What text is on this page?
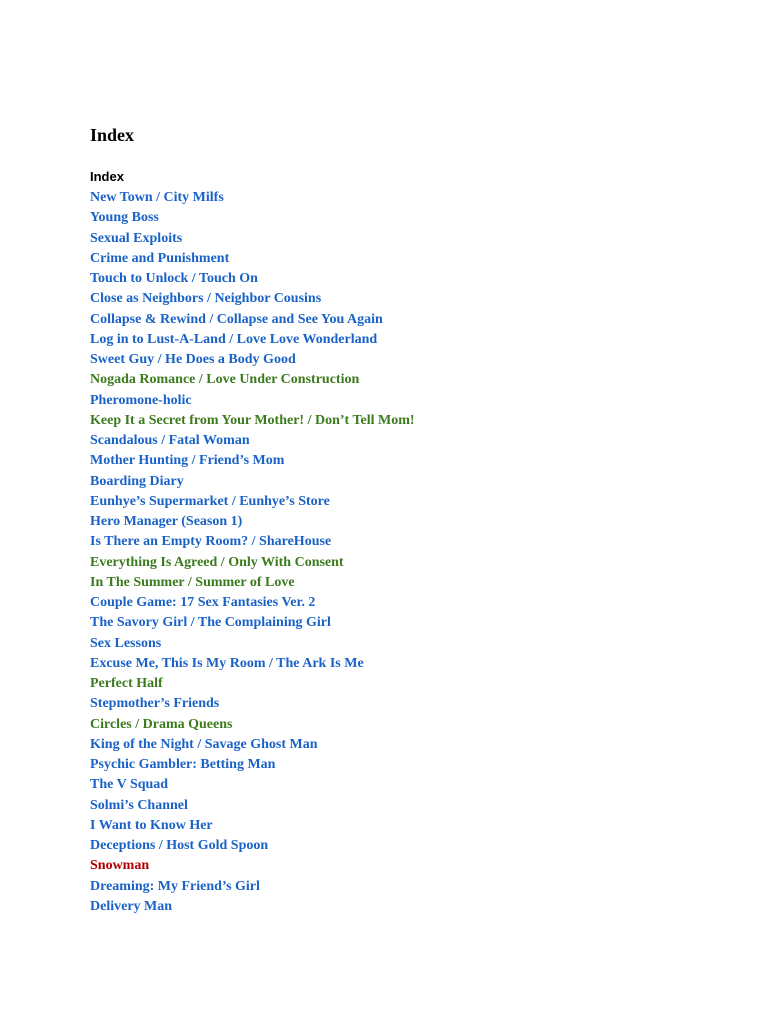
Index
Index
New Town / City Milfs
Young Boss
Sexual Exploits
Crime and Punishment
Touch to Unlock / Touch On
Close as Neighbors / Neighbor Cousins
Collapse & Rewind / Collapse and See You Again
Log in to Lust-A-Land / Love Love Wonderland
Sweet Guy / He Does a Body Good
Nogada Romance / Love Under Construction
Pheromone-holic
Keep It a Secret from Your Mother! / Don’t Tell Mom!
Scandalous / Fatal Woman
Mother Hunting / Friend’s Mom
Boarding Diary
Eunhye’s Supermarket / Eunhye’s Store
Hero Manager (Season 1)
Is There an Empty Room? / ShareHouse
Everything Is Agreed / Only With Consent
In The Summer / Summer of Love
Couple Game: 17 Sex Fantasies Ver. 2
The Savory Girl / The Complaining Girl
Sex Lessons
Excuse Me, This Is My Room / The Ark Is Me
Perfect Half
Stepmother’s Friends
Circles / Drama Queens
King of the Night / Savage Ghost Man
Psychic Gambler: Betting Man
The V Squad
Solmi’s Channel
I Want to Know Her
Deceptions / Host Gold Spoon
Snowman
Dreaming: My Friend’s Girl
Delivery Man
